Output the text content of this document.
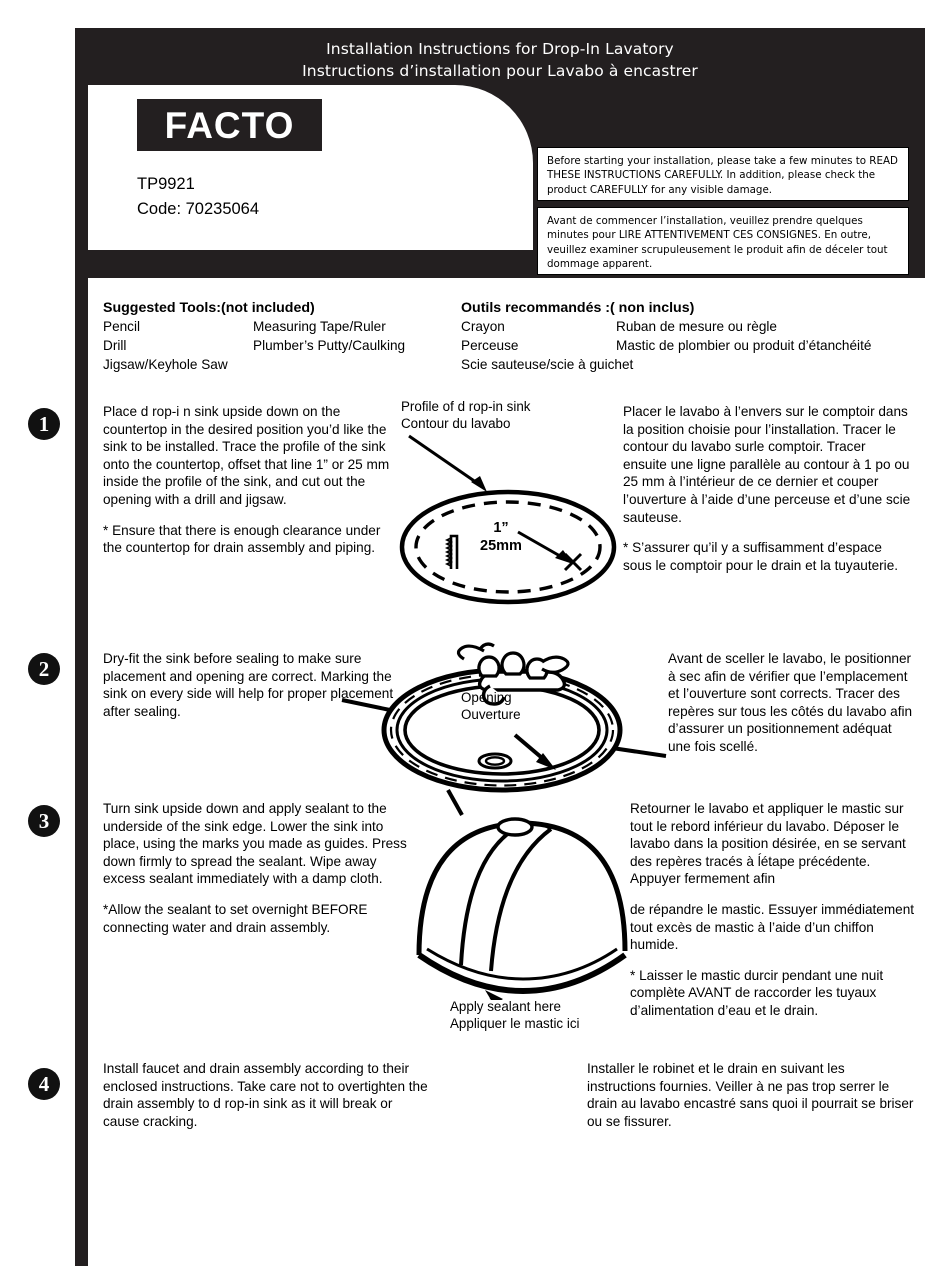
Installation Instructions for Drop-In Lavatory
Instructions d’installation pour Lavabo à encastrer
FACTO
TP9921
Code: 70235064
Before starting your installation, please take a few minutes to READ THESE INSTRUCTIONS CAREFULLY. In addition, please check the product CAREFULLY for any visible damage.
Avant de commencer l’installation, veuillez prendre quelques minutes pour LIRE ATTENTIVEMENT CES CONSIGNES. En outre, veuillez examiner scrupuleusement le produit afin de déceler tout dommage apparent.
Suggested Tools:(not included)
Pencil	Measuring Tape/Ruler
Drill	Plumber’s Putty/Caulking
Jigsaw/Keyhole Saw
Outils recommandés :( non inclus)
Crayon	Ruban de mesure ou règle
Perceuse	Mastic de plombier ou produit d’étanchéité
Scie sauteuse/scie à guichet
1	Place d rop-i n sink upside down on the countertop in the desired position you’d like the sink to be installed. Trace the profile of the sink onto the countertop, offset that line 1” or 25 mm inside the profile of the sink, and cut out the opening with a drill and jigsaw.

* Ensure that there is enough clearance under the countertop for drain assembly and piping.

Placer le lavabo à l’envers sur le comptoir dans la position choisie pour l’installation. Tracer le contour du lavabo surle comptoir. Tracer ensuite une ligne parallèle au contour à 1 po ou 25 mm à l’intérieur de ce dernier et couper l’ouverture à l’aide d’une perceuse et d’une scie sauteuse.

* S’assurer qu’il y a suffisamment d’espace sous le comptoir pour le drain et la tuyauterie.

Profile of d rop-in sink
Contour du lavabo
1”
25mm
2	Dry-fit the sink before sealing to make sure placement and opening are correct. Marking the sink on every side will help for proper placement after sealing.

Avant de sceller le lavabo, le positionner à sec afin de vérifier que l’emplacement et l’ouverture sont corrects. Tracer des repères sur tous les côtés du lavabo afin d’assurer un positionnement adéquat une fois scellé.

Opening
Ouverture
3	Turn sink upside down and apply sealant to the underside of the sink edge. Lower the sink into place, using the marks you made as guides. Press down firmly to spread the sealant. Wipe away excess sealant immediately with a damp cloth.

*Allow the sealant to set overnight BEFORE connecting water and drain assembly.

Retourner le lavabo et appliquer le mastic sur tout le rebord inférieur du lavabo. Déposer le lavabo dans la position désirée, en se servant des repères tracés à ĺétape précédente. Appuyer fermement afin

de répandre le mastic. Essuyer immédiatement tout excès de mastic à l’aide d’un chiffon humide.

* Laisser le mastic durcir pendant une nuit complète AVANT de raccorder les tuyaux d’alimentation d’eau et le drain.

Apply sealant here
Appliquer le mastic ici
4

Install faucet and drain assembly according to their enclosed instructions. Take care not to overtighten the drain assembly to d rop-in sink as it will break or cause cracking.

Installer le robinet et le drain en suivant les instructions fournies. Veiller à ne pas trop serrer le drain au lavabo encastré sans quoi il pourrait se briser ou se fissurer.
